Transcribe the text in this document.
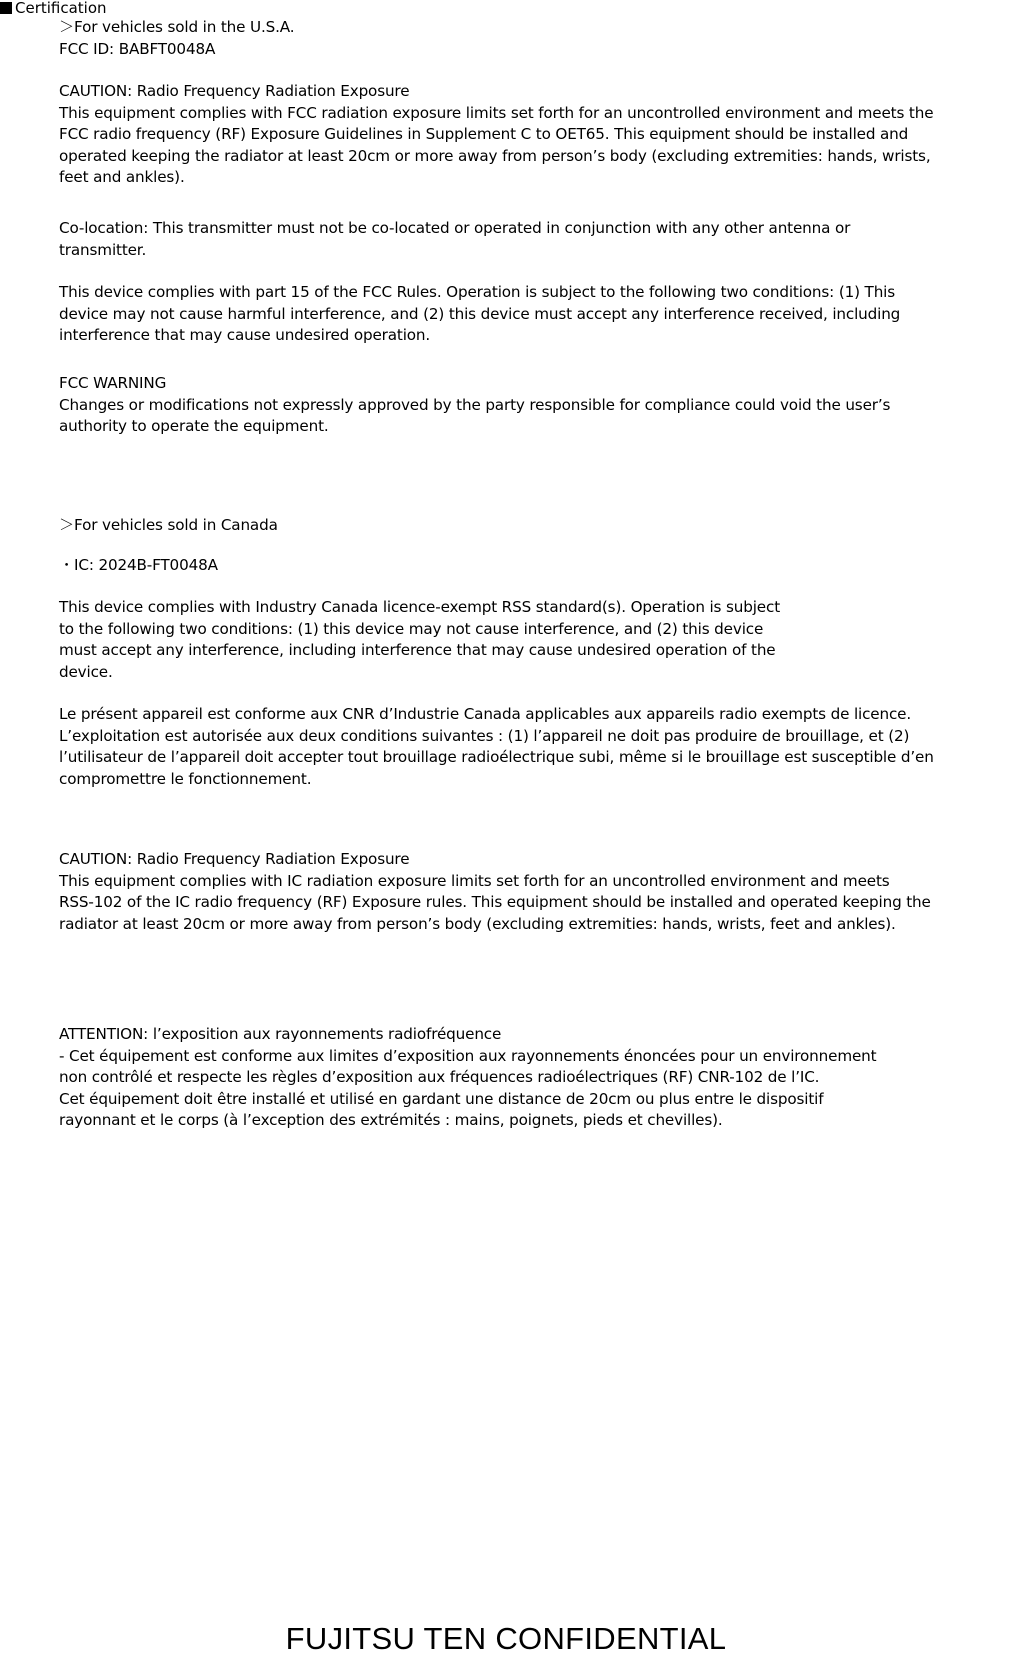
Certification
＞For vehicles sold in the U.S.A.
FCC ID: BABFT0048A
CAUTION: Radio Frequency Radiation Exposure
This equipment complies with FCC radiation exposure limits set forth for an uncontrolled environment and meets the
FCC radio frequency (RF) Exposure Guidelines in Supplement C to OET65. This equipment should be installed and
operated keeping the radiator at least 20cm or more away from person’s body (excluding extremities: hands, wrists,
feet and ankles).
Co-location: This transmitter must not be co-located or operated in conjunction with any other antenna or
transmitter.
This device complies with part 15 of the FCC Rules. Operation is subject to the following two conditions: (1) This
device may not cause harmful interference, and (2) this device must accept any interference received, including
interference that may cause undesired operation.
FCC WARNING
Changes or modifications not expressly approved by the party responsible for compliance could void the user’s
authority to operate the equipment.
＞For vehicles sold in Canada
・IC: 2024B-FT0048A
This device complies with Industry Canada licence-exempt RSS standard(s). Operation is subject
to the following two conditions: (1) this device may not cause interference, and (2) this device
must accept any interference, including interference that may cause undesired operation of the
device.
Le présent appareil est conforme aux CNR d’Industrie Canada applicables aux appareils radio exempts de licence.
L’exploitation est autorisée aux deux conditions suivantes : (1) l’appareil ne doit pas produire de brouillage, et (2)
l’utilisateur de l’appareil doit accepter tout brouillage radioélectrique subi, même si le brouillage est susceptible d’en
compromettre le fonctionnement.
CAUTION: Radio Frequency Radiation Exposure
This equipment complies with IC radiation exposure limits set forth for an uncontrolled environment and meets
RSS-102 of the IC radio frequency (RF) Exposure rules. This equipment should be installed and operated keeping the
radiator at least 20cm or more away from person’s body (excluding extremities: hands, wrists, feet and ankles).
ATTENTION: l’exposition aux rayonnements radiofréquence
- Cet équipement est conforme aux limites d’exposition aux rayonnements énoncées pour un environnement
non contrôlé et respecte les règles d’exposition aux fréquences radioélectriques (RF) CNR-102 de l’IC.
Cet équipement doit être installé et utilisé en gardant une distance de 20cm ou plus entre le dispositif
rayonnant et le corps (à l’exception des extrémités : mains, poignets, pieds et chevilles).
FUJITSU TEN CONFIDENTIAL
